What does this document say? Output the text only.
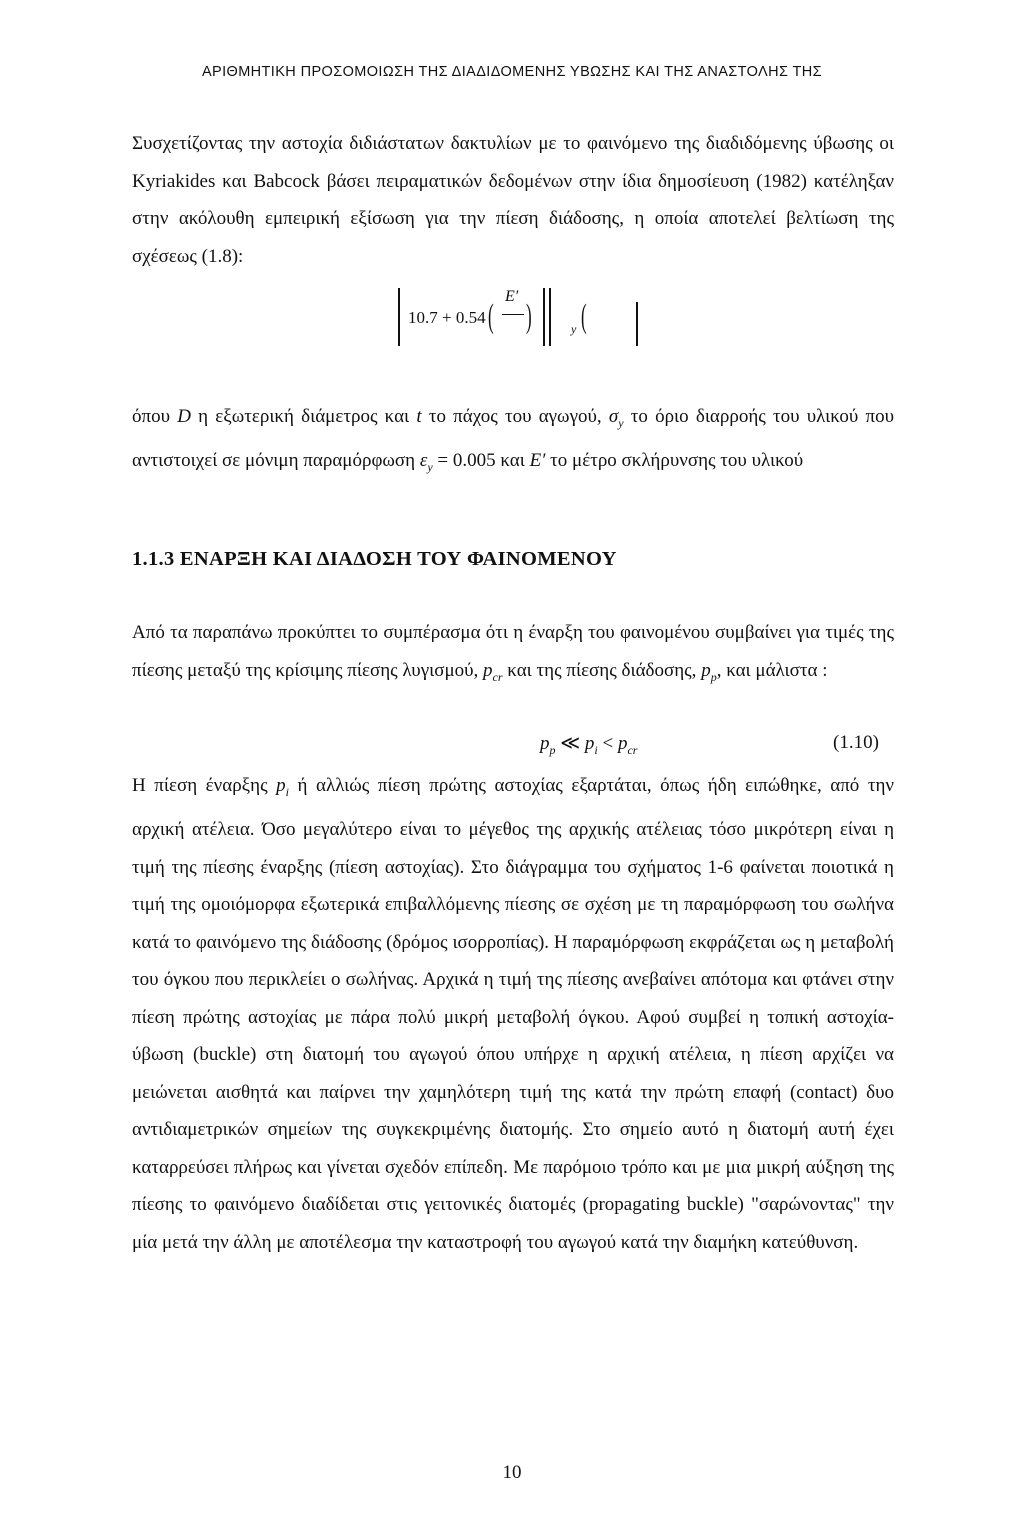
ΑΡΙΘΜΗΤΙΚΗ ΠΡΟΣΟΜΟΙΩΣΗ ΤΗΣ ΔΙΑΔΙΔΟΜΕΝΗΣ ΥΒΩΣΗΣ ΚΑΙ ΤΗΣ ΑΝΑΣΤΟΛΗΣ ΤΗΣ

Συσχετίζοντας την αστοχία διδιάστατων δακτυλίων με το φαινόμενο της διαδιδόμενης ύβωσης οι Kyriakides και Babcock βάσει πειραματικών δεδομένων στην ίδια δημοσίευση (1982) κατέληξαν στην ακόλουθη εμπειρική εξίσωση για την πίεση διάδοσης, η οποία αποτελεί βελτίωση της σχέσεως (1.8):

10.7 + 0.54 (
E′
)	y (

όπου D η εξωτερική διάμετρος και t το πάχος του αγωγού, $\sigma_y$ το όριο διαρροής του υλικού που αντιστοιχεί σε μόνιμη παραμόρφωση $\varepsilon_y = 0.005$ και E′ το μέτρο σκλήρυνσης του υλικού

1.1.3 ΕΝΑΡΞΗ ΚΑΙ ΔΙΑΔΟΣΗ ΤΟΥ ΦΑΙΝΟΜΕΝΟΥ

Από τα παραπάνω προκύπτει το συμπέρασμα ότι η έναρξη του φαινομένου συμβαίνει για τιμές της πίεσης μεταξύ της κρίσιμης πίεσης λυγισμού, $p_{cr}$ και της πίεσης διάδοσης, $p_p$, και μάλιστα :

$p_p$ ≪ $p_i < p_{cr}$	(1.10)

Η πίεση έναρξης $p_i$ ή αλλιώς πίεση πρώτης αστοχίας εξαρτάται, όπως ήδη ειπώθηκε, από την αρχική ατέλεια. Όσο μεγαλύτερο είναι το μέγεθος της αρχικής ατέλειας τόσο μικρότερη είναι η τιμή της πίεσης έναρξης (πίεση αστοχίας). Στο διάγραμμα του σχήματος 1-6 φαίνεται ποιοτικά η τιμή της ομοιόμορφα εξωτερικά επιβαλλόμενης πίεσης σε σχέση με τη παραμόρφωση του σωλήνα κατά το φαινόμενο της διάδοσης (δρόμος ισορροπίας). Η παραμόρφωση εκφράζεται ως η μεταβολή του όγκου που περικλείει ο σωλήνας. Αρχικά η τιμή της πίεσης ανεβαίνει απότομα και φτάνει στην πίεση πρώτης αστοχίας με πάρα πολύ μικρή μεταβολή όγκου. Αφού συμβεί η τοπική αστοχία-ύβωση (buckle) στη διατομή του αγωγού όπου υπήρχε η αρχική ατέλεια, η πίεση αρχίζει να μειώνεται αισθητά και παίρνει την χαμηλότερη τιμή της κατά την πρώτη επαφή (contact) δυο αντιδιαμετρικών σημείων της συγκεκριμένης διατομής. Στο σημείο αυτό η διατομή αυτή έχει καταρρεύσει πλήρως και γίνεται σχεδόν επίπεδη. Με παρόμοιο τρόπο και με μια μικρή αύξηση της πίεσης το φαινόμενο διαδίδεται στις γειτονικές διατομές (propagating buckle) "σαρώνοντας" την μία μετά την άλλη με αποτέλεσμα την καταστροφή του αγωγού κατά την διαμήκη κατεύθυνση.

10
